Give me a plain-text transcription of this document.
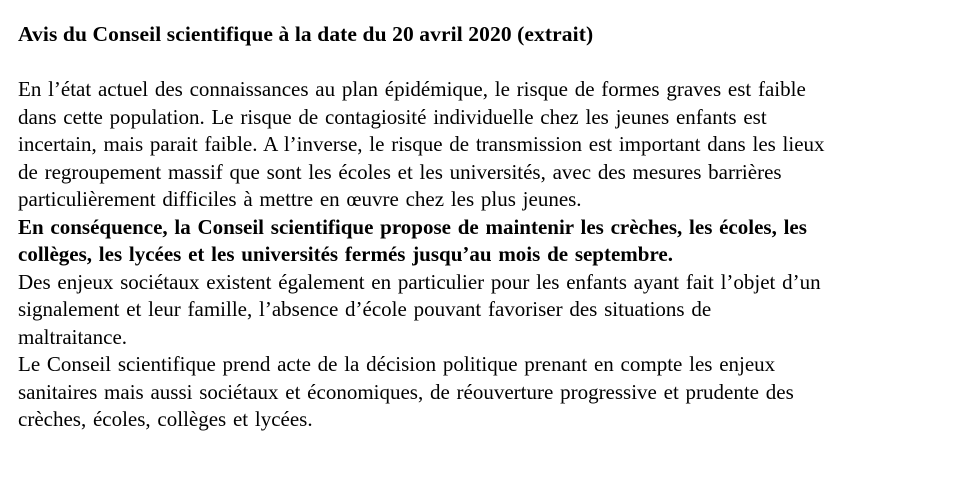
Avis du Conseil scientifique à la date du 20 avril 2020 (extrait)
En l’état actuel des connaissances au plan épidémique, le risque de formes graves est faible
dans cette population. Le risque de contagiosité individuelle chez les jeunes enfants est
incertain, mais parait faible. A l’inverse, le risque de transmission est important dans les lieux
de regroupement massif que sont les écoles et les universités, avec des mesures barrières
particulièrement difficiles à mettre en œuvre chez les plus jeunes.
En conséquence, la Conseil scientifique propose de maintenir les crèches, les écoles, les
collèges, les lycées et les universités fermés jusqu’au mois de septembre.
Des enjeux sociétaux existent également en particulier pour les enfants ayant fait l’objet d’un
signalement et leur famille, l’absence d’école pouvant favoriser des situations de
maltraitance.
Le Conseil scientifique prend acte de la décision politique prenant en compte les enjeux
sanitaires mais aussi sociétaux et économiques, de réouverture progressive et prudente des
crèches, écoles, collèges et lycées.
